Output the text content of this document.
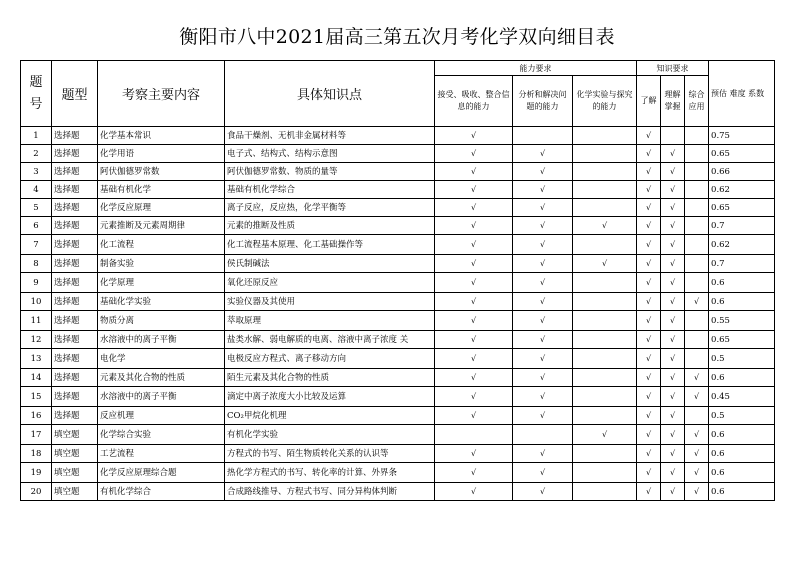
衡阳市八中2021届高三第五次月考化学双向细目表
题
号	题型	考察主要内容	具体知识点	能力要求			知识要求			预估 难度 系数
				接受、吸收、整合信息的能力	分析和解决问题的能力	化学实验与探究的能力	了解	理解 掌握	综合 应用	
1	选择题	化学基本常识	食品干燥剂、无机非金属材料等	√			√			0.75
2	选择题	化学用语	电子式、结构式、结构示意图	√	√		√	√		0.65
3	选择题	阿伏伽德罗常数	阿伏伽德罗常数、物质的量等	√	√		√	√		0.66
4	选择题	基础有机化学	基础有机化学综合	√	√		√	√		0.62
5	选择题	化学反应原理	离子反应，反应热，化学平衡等	√	√		√	√		0.65
6	选择题	元素推断及元素周期律	元素的推断及性质	√	√	√	√	√		0.7
7	选择题	化工流程	化工流程基本原理、化工基础操作等	√	√		√	√		0.62
8	选择题	制备实验	侯氏制碱法	√	√	√	√	√		0.7
9	选择题	化学原理	氧化还原反应	√	√		√	√		0.6
10	选择题	基础化学实验	实验仪器及其使用	√	√		√	√	√	0.6
11	选择题	物质分离	萃取原理	√	√		√	√		0.55
12	选择题	水溶液中的离子平衡	盐类水解、弱电解质的电离、溶液中离子浓度 关	√	√		√	√		0.65
13	选择题	电化学	电极反应方程式、离子移动方向	√	√		√	√		0.5
14	选择题	元素及其化合物的性质	陌生元素及其化合物的性质	√	√		√	√	√	0.6
15	选择题	水溶液中的离子平衡	滴定中离子浓度大小比较及运算	√	√		√	√	√	0.45
16	选择题	反应机理	CO₂甲烷化机理	√	√		√	√		0.5
17	填空题	化学综合实验	有机化学实验			√	√	√	√	0.6
18	填空题	工艺流程	方程式的书写、陌生物质转化关系的认识等	√	√		√	√	√	0.6
19	填空题	化学反应原理综合题	热化学方程式的书写、转化率的计算、外界条	√	√		√	√	√	0.6
20	填空题	有机化学综合	合成路线推导、方程式书写、同分异构体判断	√	√		√	√	√	0.6
